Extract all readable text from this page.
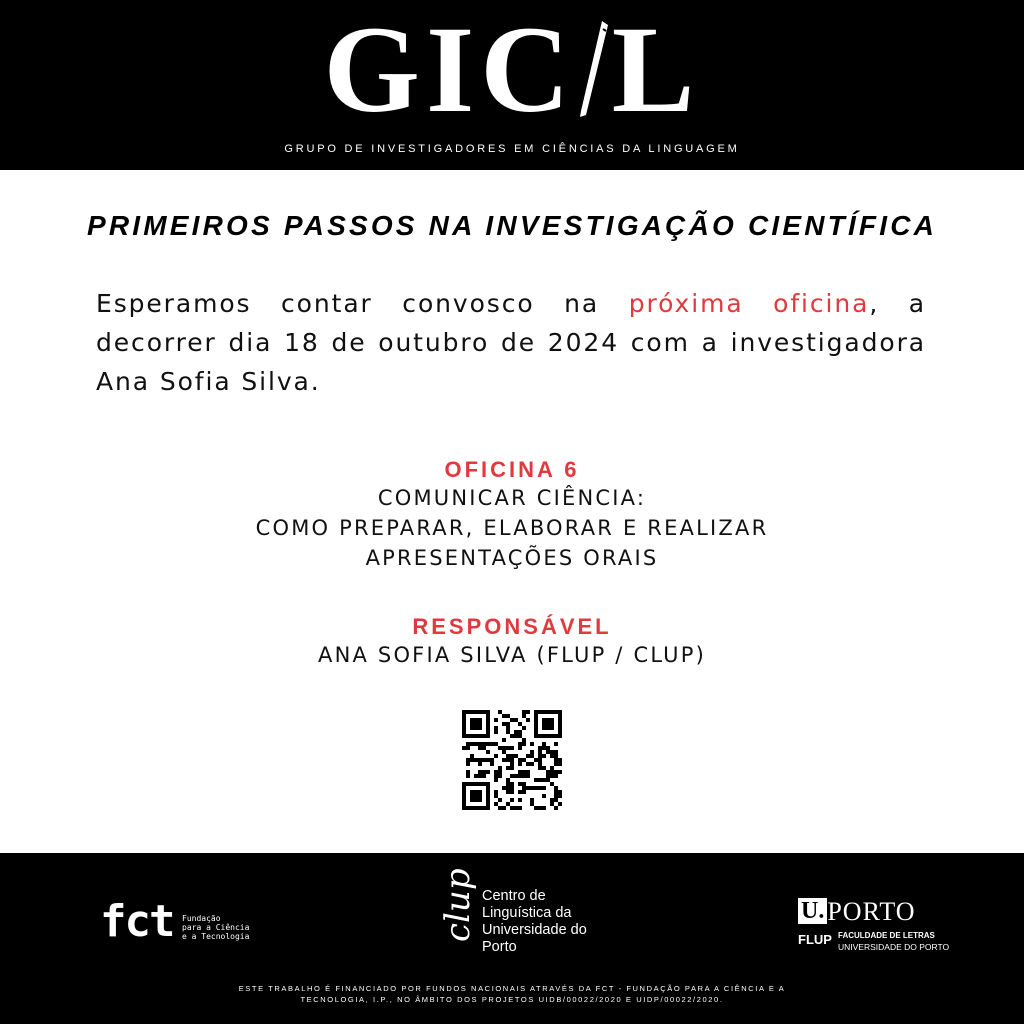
GIC L
GRUPO DE INVESTIGADORES EM CIÊNCIAS DA LINGUAGEM
PRIMEIROS PASSOS NA INVESTIGAÇÃO CIENTÍFICA
Esperamos contar convosco na próxima oficina, a decorrer dia 18 de outubro de 2024 com a investigadora Ana Sofia Silva.
OFICINA 6
COMUNICAR CIÊNCIA:
COMO PREPARAR, ELABORAR E REALIZAR
APRESENTAÇÕES ORAIS
RESPONSÁVEL
ANA SOFIA SILVA (FLUP / CLUP)
fct Fundação
para a Ciência
e a Tecnologia	clup Centro de
Linguística da
Universidade do
Porto
U. PORTO
FLUP FACULDADE DE LETRAS
UNIVERSIDADE DO PORTO
ESTE TRABALHO É FINANCIADO POR FUNDOS NACIONAIS ATRAVÉS DA FCT - FUNDAÇÃO PARA A CIÊNCIA E A
TECNOLOGIA, I.P., NO ÂMBITO DOS PROJETOS UIDB/00022/2020 E UIDP/00022/2020.
